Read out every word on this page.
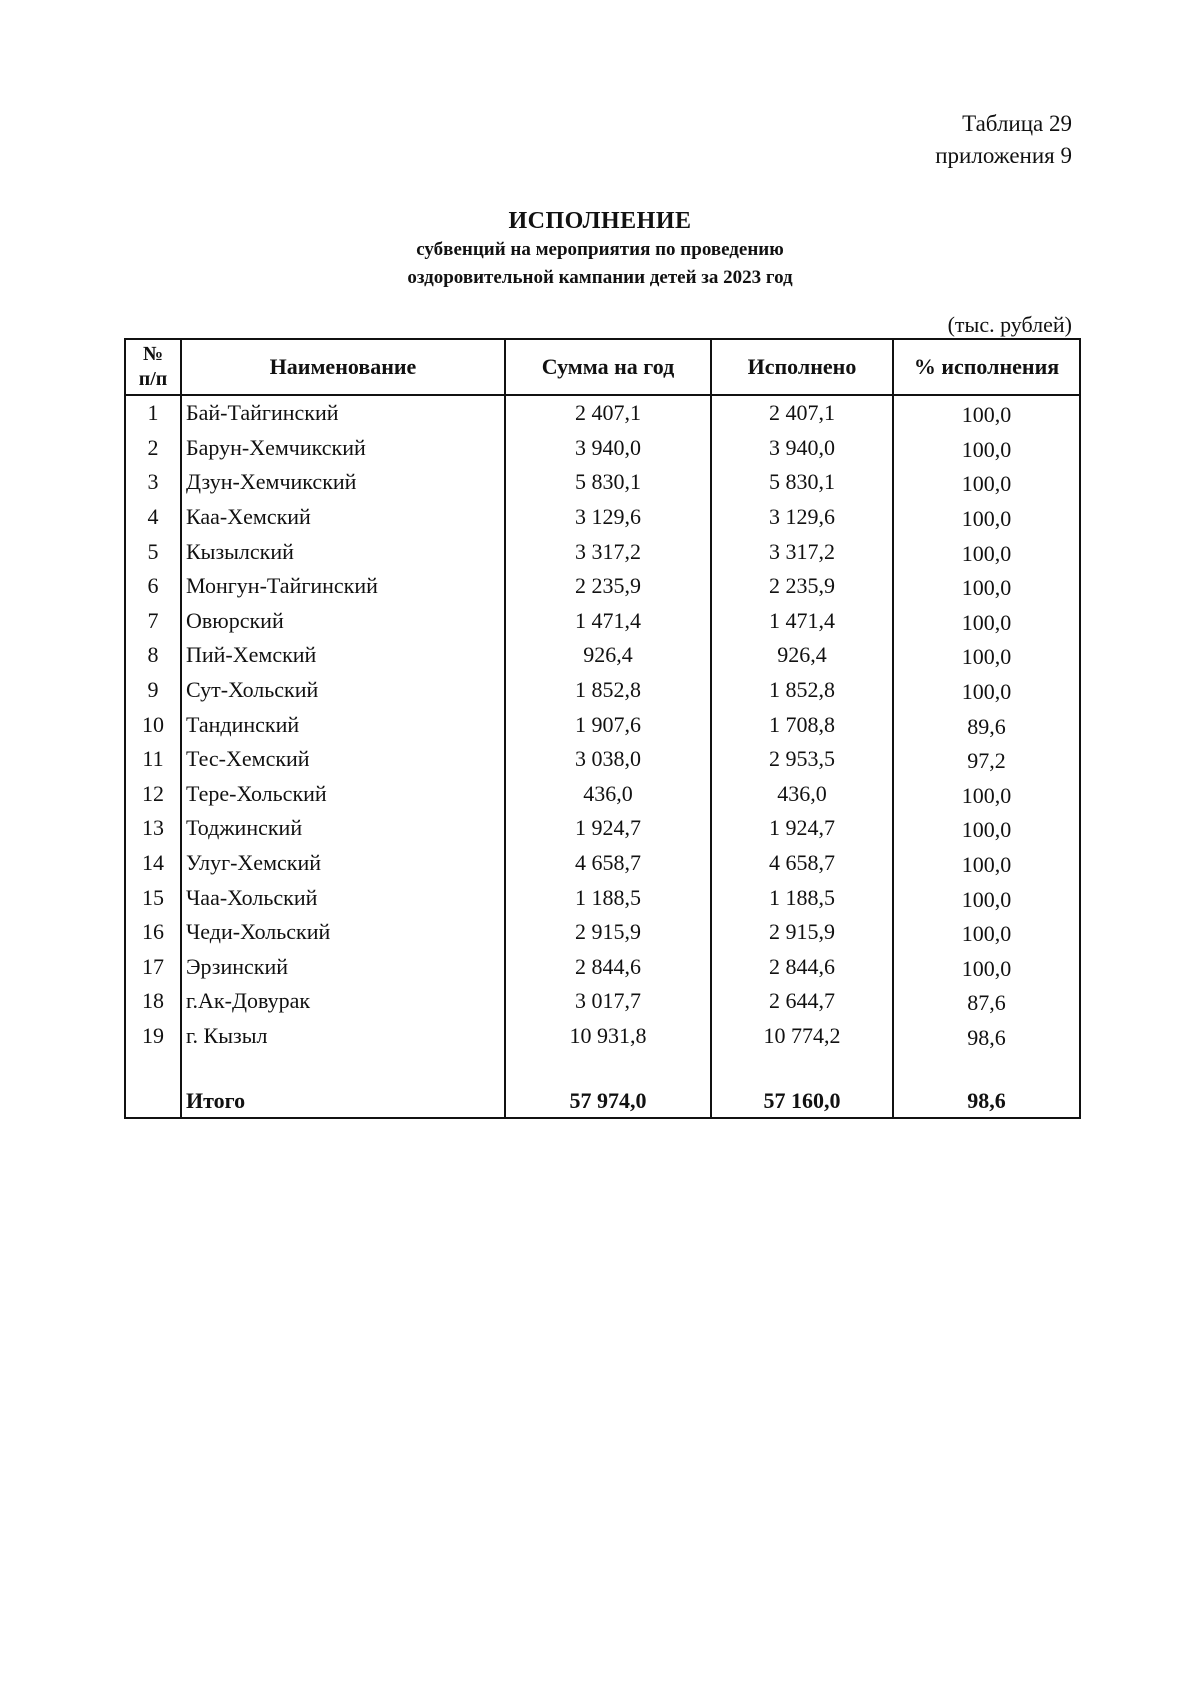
Таблица 29
приложения 9
ИСПОЛНЕНИЕ
субвенций на мероприятия по проведению
оздоровительной кампании детей за 2023 год
(тыс. рублей)
№
п/п	Наименование	Сумма на год	Исполнено	% исполнения
1	Бай-Тайгинский	2 407,1	2 407,1	100,0
2	Барун-Хемчикский	3 940,0	3 940,0	100,0
3	Дзун-Хемчикский	5 830,1	5 830,1	100,0
4	Каа-Хемский	3 129,6	3 129,6	100,0
5	Кызылский	3 317,2	3 317,2	100,0
6	Монгун-Тайгинский	2 235,9	2 235,9	100,0
7	Овюрский	1 471,4	1 471,4	100,0
8	Пий-Хемский	926,4	926,4	100,0
9	Сут-Хольский	1 852,8	1 852,8	100,0
10	Тандинский	1 907,6	1 708,8	89,6
11	Тес-Хемский	3 038,0	2 953,5	97,2
12	Тере-Хольский	436,0	436,0	100,0
13	Тоджинский	1 924,7	1 924,7	100,0
14	Улуг-Хемский	4 658,7	4 658,7	100,0
15	Чаа-Хольский	1 188,5	1 188,5	100,0
16	Чеди-Хольский	2 915,9	2 915,9	100,0
17	Эрзинский	2 844,6	2 844,6	100,0
18	г.Ак-Довурак	3 017,7	2 644,7	87,6
19	г. Кызыл	10 931,8	10 774,2	98,6

	Итого	57 974,0	57 160,0	98,6
